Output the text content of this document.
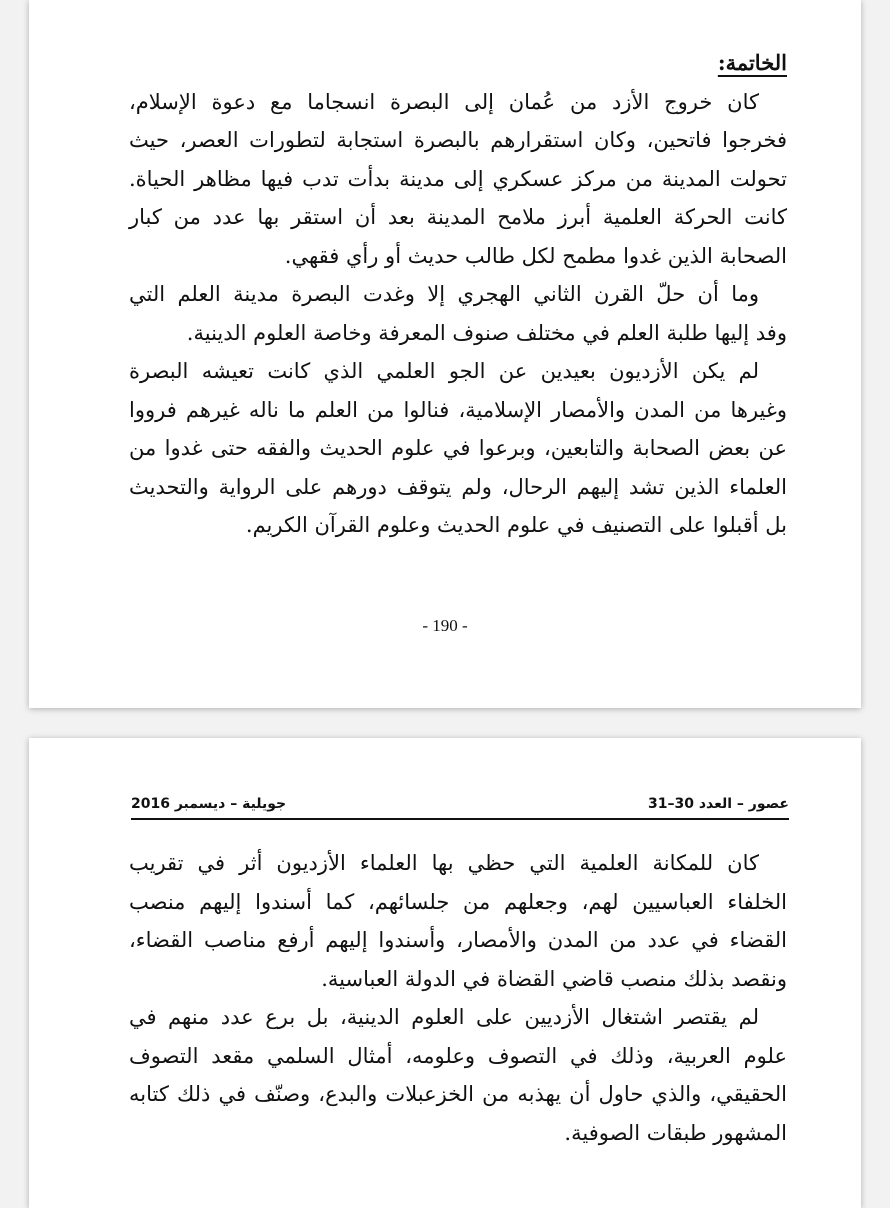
الخاتمة:
كان خروج الأزد من عُمان إلى البصرة انسجاما مع دعوة الإسلام،
فخرجوا فاتحين، وكان استقرارهم بالبصرة استجابة لتطورات العصر، حيث
تحولت المدينة من مركز عسكري إلى مدينة بدأت تدب فيها مظاهر الحياة.
كانت الحركة العلمية أبرز ملامح المدينة بعد أن استقر بها عدد من كبار
الصحابة الذين غدوا مطمح لكل طالب حديث أو رأي فقهي.
وما أن حلّ القرن الثاني الهجري إلا وغدت البصرة مدينة العلم التي
وفد إليها طلبة العلم في مختلف صنوف المعرفة وخاصة العلوم الدينية.
لم يكن الأزديون بعيدين عن الجو العلمي الذي كانت تعيشه البصرة
وغيرها من المدن والأمصار الإسلامية، فنالوا من العلم ما ناله غيرهم فرووا
عن بعض الصحابة والتابعين، وبرعوا في علوم الحديث والفقه حتى غدوا من
العلماء الذين تشد إليهم الرحال، ولم يتوقف دورهم على الرواية والتحديث
بل أقبلوا على التصنيف في علوم الحديث وعلوم القرآن الكريم.
- 190 -
عصور – العدد 30–31
جويلية – ديسمبر 2016
كان للمكانة العلمية التي حظي بها العلماء الأزديون أثر في تقريب
الخلفاء العباسيين لهم، وجعلهم من جلسائهم، كما أسندوا إليهم منصب
القضاء في عدد من المدن والأمصار، وأسندوا إليهم أرفع مناصب القضاء،
ونقصد بذلك منصب قاضي القضاة في الدولة العباسية.
لم يقتصر اشتغال الأزديين على العلوم الدينية، بل برع عدد منهم في
علوم العربية، وذلك في التصوف وعلومه، أمثال السلمي مقعد التصوف
الحقيقي، والذي حاول أن يهذبه من الخزعبلات والبدع، وصنّف في ذلك كتابه
المشهور طبقات الصوفية.
